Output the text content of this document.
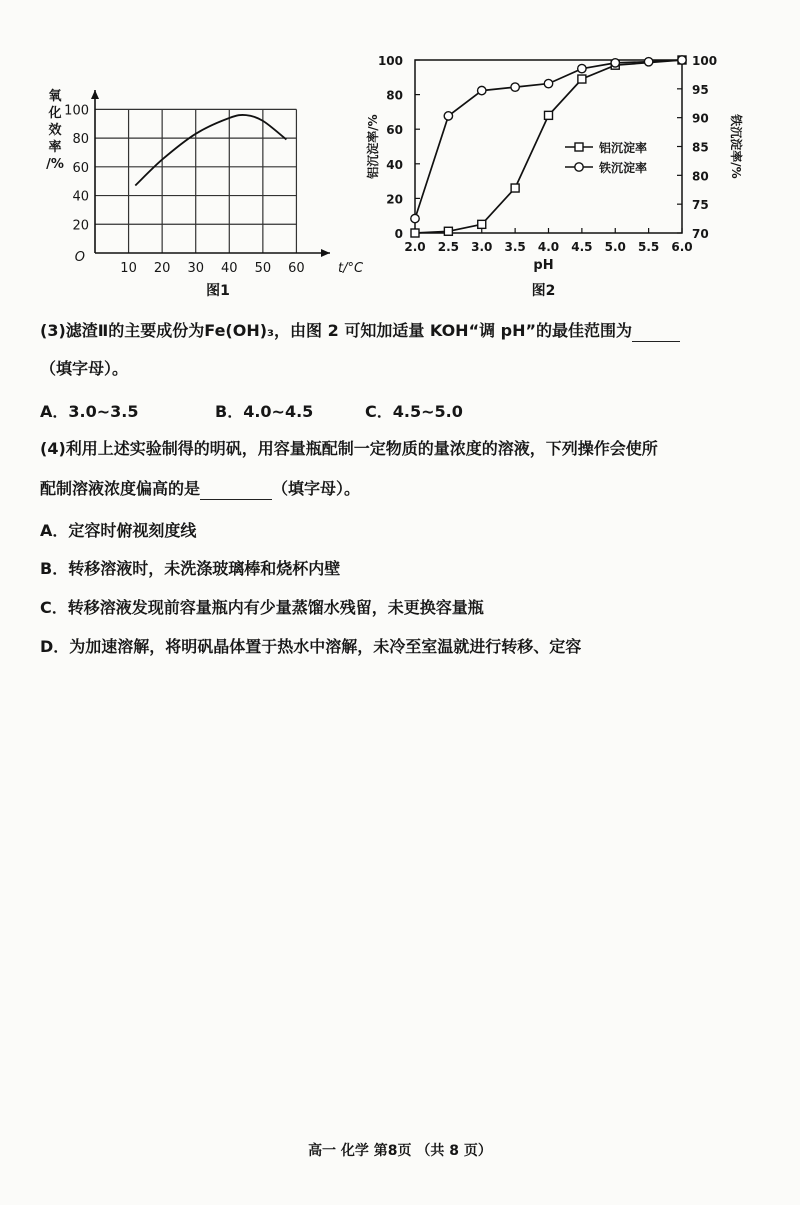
10 20 30 40 50 60
20
40
60
80
100
O
t/°C
氧化效率/%
图1
2.0 2.5 3.0 3.5 4.0 4.5 5.0 5.5 6.0
0
20
40
60
80
100
70
75
80
85
90
95
100
pH
铝沉淀率/%	铁沉淀率/%
图2
铝沉淀率
铁沉淀率
(3)滤渣Ⅱ的主要成份为Fe(OH)₃，由图 2 可知加适量 KOH“调 pH”的最佳范围为
（填字母）。
A．3.0~3.5	B．4.0~4.5	C．4.5~5.0
(4)利用上述实验制得的明矾，用容量瓶配制一定物质的量浓度的溶液，下列操作会使所
配制溶液浓度偏高的是	（填字母）。
A．定容时俯视刻度线
B．转移溶液时，未洗涤玻璃棒和烧杯内壁
C．转移溶液发现前容量瓶内有少量蒸馏水残留，未更换容量瓶
D．为加速溶解，将明矾晶体置于热水中溶解，未冷至室温就进行转移、定容
高一 化学 第8页 （共 8 页）
